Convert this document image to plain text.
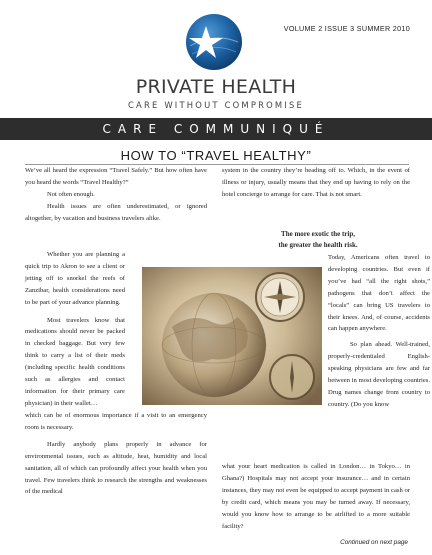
VOLUME 2 ISSUE 3 SUMMER 2010
PRIVATE HEALTH
CARE WITHOUT COMPROMISE
CARE COMMUNIQUÉ
HOW TO “TRAVEL HEALTHY”

We’ve all heard the expression “Travel Safely.” But how often have you heard the words “Travel Healthy?”

Not often enough.

Health issues are often underestimated, or ignored altogether, by vacation and business travelers alike.

Whether you are planning a quick trip to Akron to see a client or jetting off to snorkel the reefs of Zanzibar, health considerations need to be part of your advance planning.

Most travelers know that medications should never be packed in checked baggage. But very few think to carry a list of their meds (including specific health conditions such as allergies and contact information for their primary care physician) in their wallet…

which can be of enormous importance if a visit to an emergency room is necessary.

Hardly anybody plans properly in advance for environmental issues, such as altitude, heat, humidity and local sanitation, all of which can profoundly affect your health when you travel. Few travelers think to research the strengths and weaknesses of the medical

system in the country they’re heading off to. Which, in the event of illness or injury, usually means that they end up having to rely on the hotel concierge to arrange for care. That is not smart.

The more exotic the trip,
the greater the health risk.

Today, Americans often travel to developing countries. But even if you’ve had “all the right shots,” pathogens that don’t affect the “locals” can bring US travelers to their knees. And, of course, accidents can happen anywhere.

So plan ahead. Well-trained, properly-credentialed English-speaking physicians are few and far between in most developing countries. Drug names change from country to country. (Do you know

what your heart medication is called in London… in Tokyo… in Ghana?) Hospitals may not accept your insurance… and in certain instances, they may not even be equipped to accept payment in cash or by credit card, which means you may be turned away. If necessary, would you know how to arrange to be airlifted to a more suitable facility?

Continued on next page
